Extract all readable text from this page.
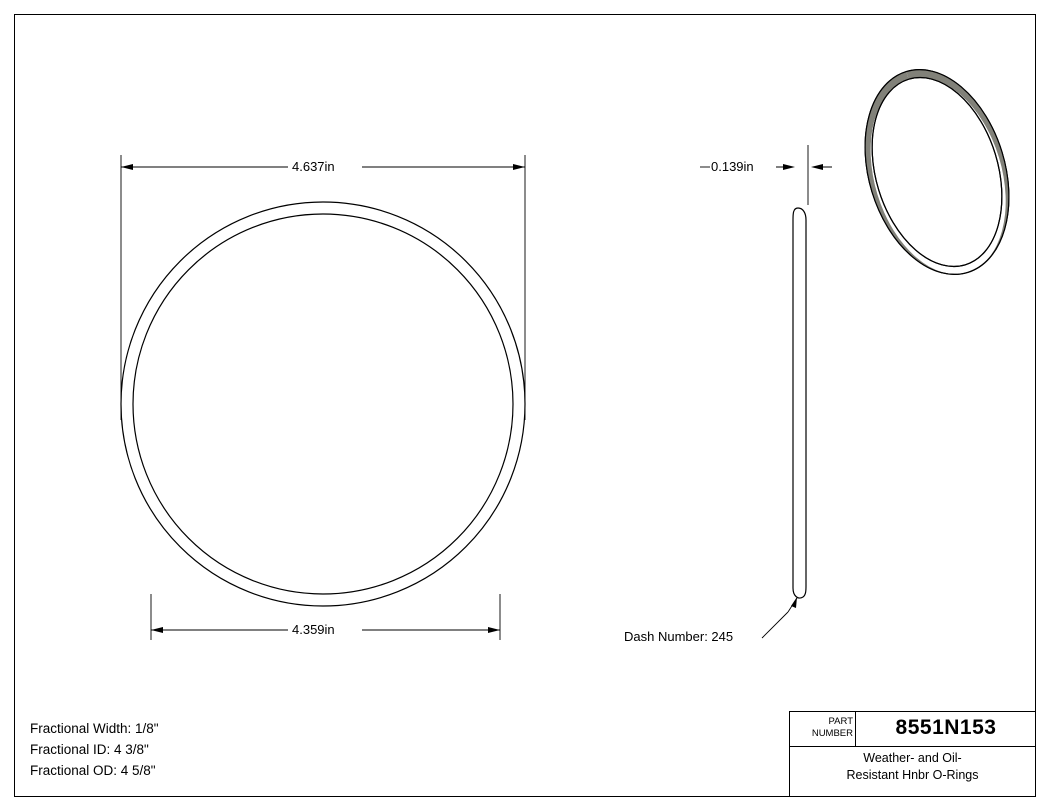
4.637in
4.359in
0.139in
Dash Number: 245
Fractional Width: 1/8"
Fractional ID: 4 3/8"
Fractional OD: 4 5/8"
PART
NUMBER	8551N153
Weather- and Oil-
Resistant Hnbr O-Rings
